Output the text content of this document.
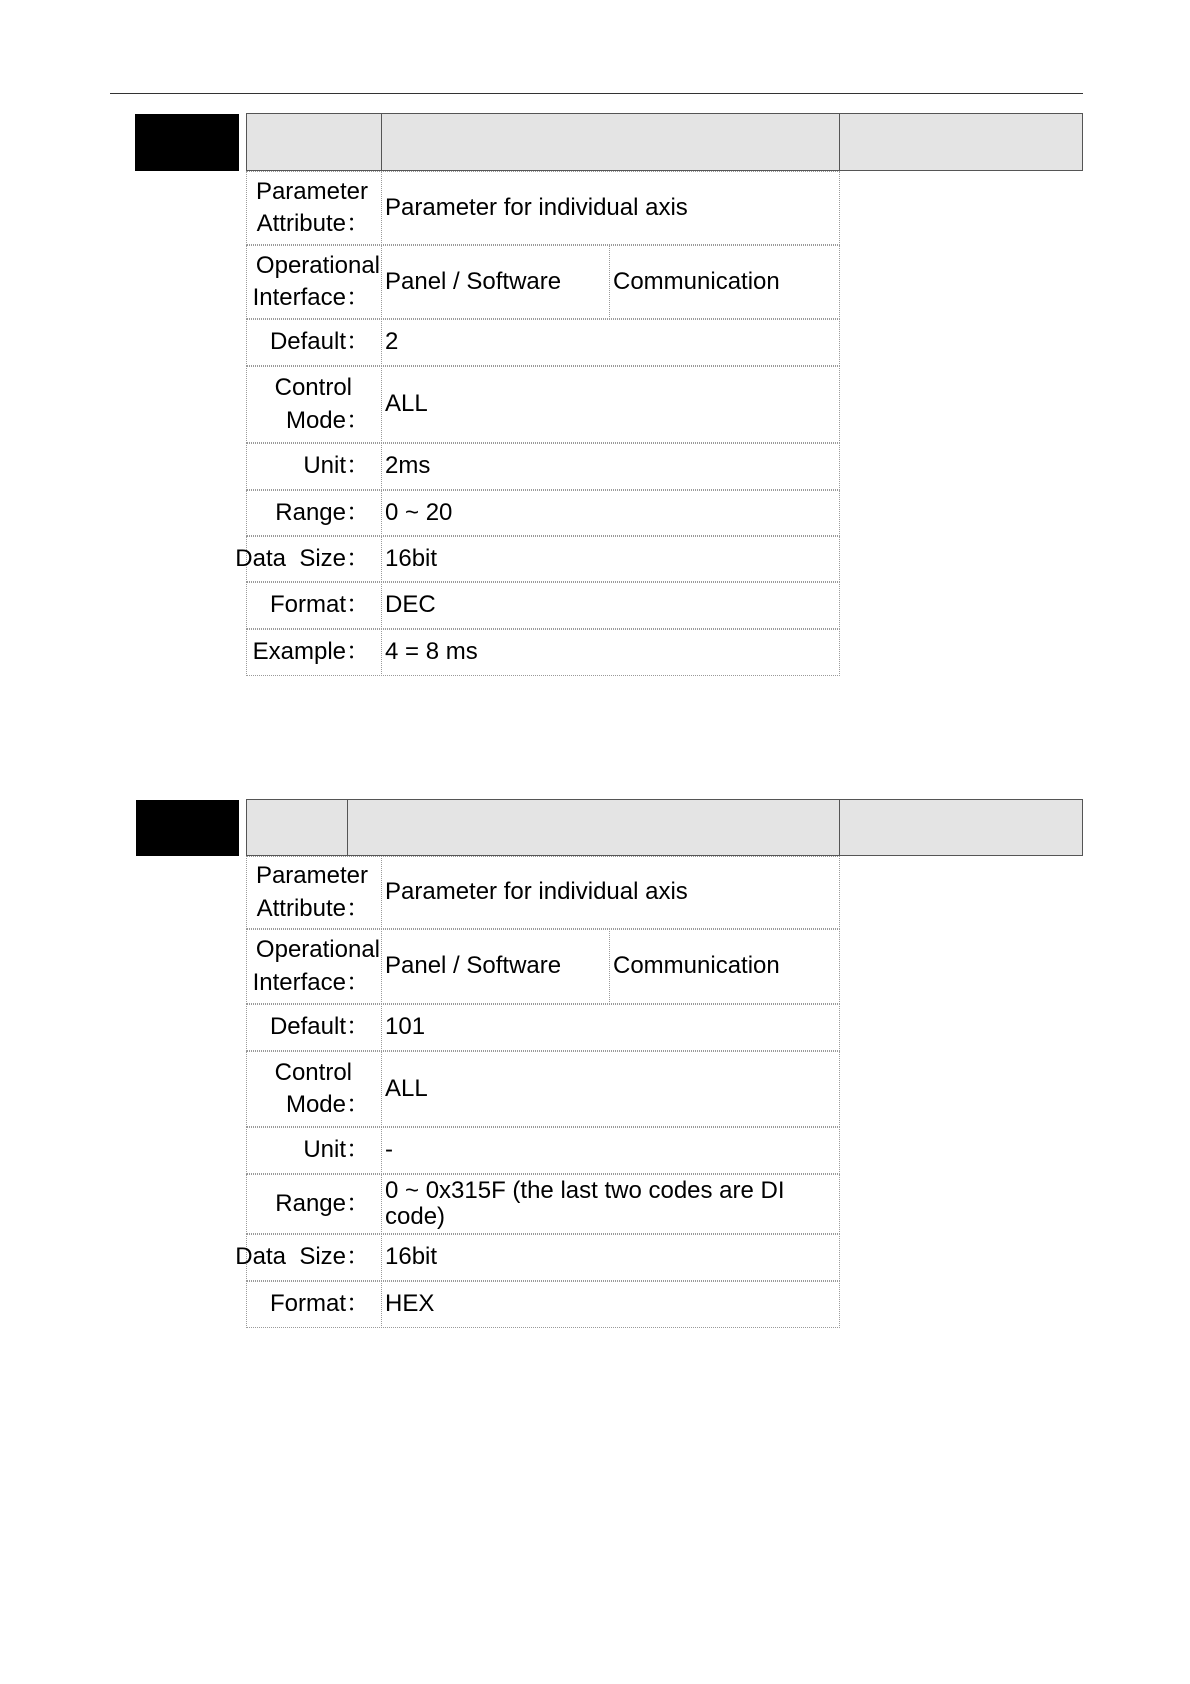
Parameter
Attribute：
Parameter for individual axis
Operational
Interface：
Panel / Software	Communication
Default： 2
Control
Mode：
ALL
Unit： 2ms
Range： 0 ~ 20
Data  Size： 16bit
Format： DEC
Example： 4 = 8 ms
Parameter
Attribute：
Parameter for individual axis
Operational
Interface：
Panel / Software	Communication
Default： 101
Control
Mode：
ALL
Unit： -
Range： 0 ~ 0x315F (the last two codes are DI
code)
Data  Size： 16bit
Format： HEX
